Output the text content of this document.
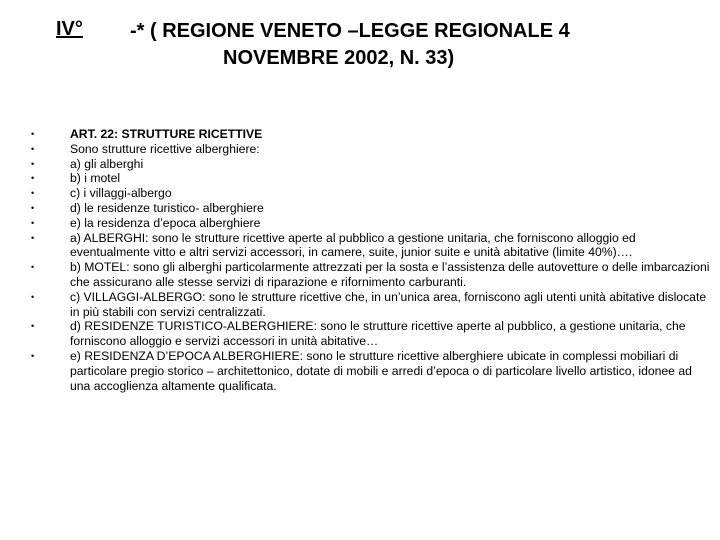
IV° -* ( REGIONE VENETO –LEGGE REGIONALE 4
NOVEMBRE 2002, N. 33)
•	ART. 22: STRUTTURE RICETTIVE
•	Sono strutture ricettive alberghiere:
•	a) gli alberghi
•	b) i motel
•	c) i villaggi-albergo
•	d) le residenze turistico- alberghiere
•	e) la residenza d’epoca alberghiere
•	a) ALBERGHI: sono le strutture ricettive aperte al pubblico a gestione unitaria, che forniscono alloggio ed eventualmente vitto e altri servizi accessori, in camere, suite, junior suite e unità abitative (limite 40%)….
•	b) MOTEL: sono gli alberghi particolarmente attrezzati per la sosta e l’assistenza delle autovetture o delle imbarcazioni che assicurano alle stesse servizi di riparazione e rifornimento carburanti.
•	c) VILLAGGI-ALBERGO: sono le strutture ricettive che, in un’unica area, forniscono agli utenti unità abitative dislocate in più stabili con servizi centralizzati.
•	d) RESIDENZE TURISTICO-ALBERGHIERE: sono le strutture ricettive aperte al pubblico, a gestione unitaria, che forniscono alloggio e servizi accessori in unità abitative…
•	e) RESIDENZA D’EPOCA ALBERGHIERE: sono le strutture ricettive alberghiere ubicate in complessi mobiliari di particolare pregio storico – architettonico, dotate di mobili e arredi d’epoca o di particolare livello artistico, idonee ad una accoglienza altamente qualificata.
